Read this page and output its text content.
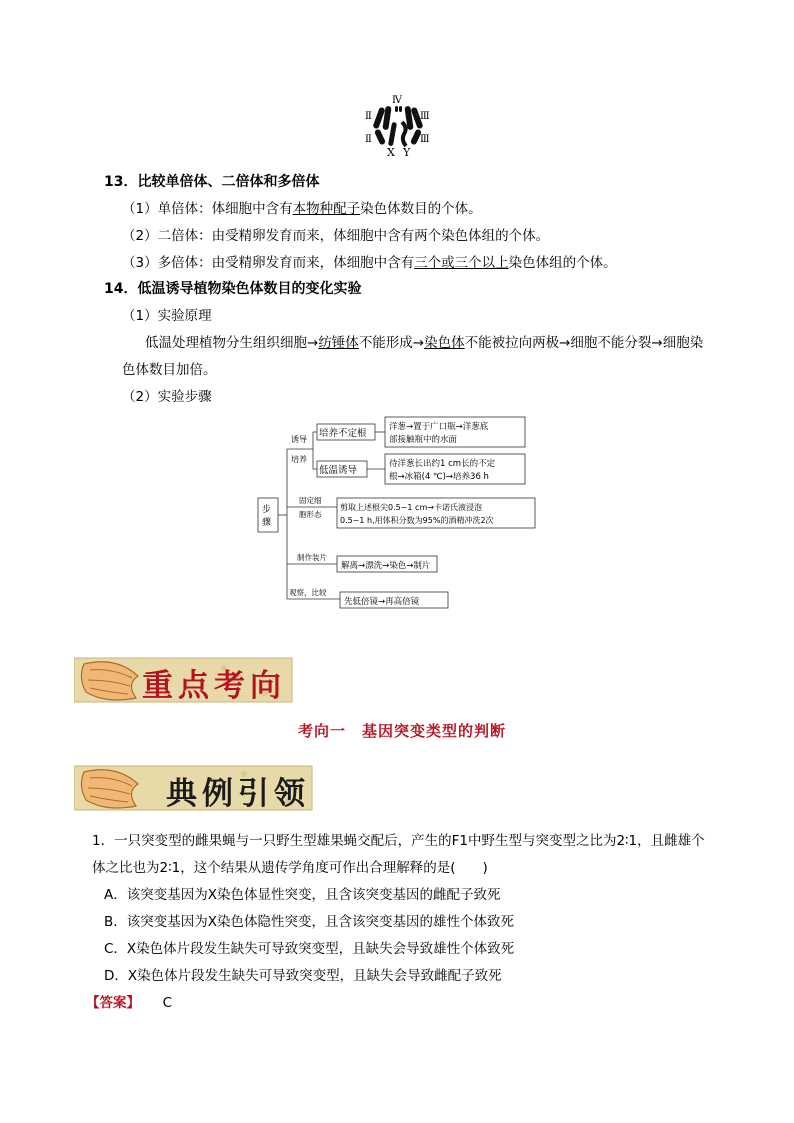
Ⅳ
Ⅱ	Ⅲ
Ⅱ	Ⅲ
X Y
13．比较单倍体、二倍体和多倍体
（1）单倍体：体细胞中含有本物种配子染色体数目的个体。
（2）二倍体：由受精卵发育而来，体细胞中含有两个染色体组的个体。
（3）多倍体：由受精卵发育而来，体细胞中含有三个或三个以上染色体组的个体。
14．低温诱导植物染色体数目的变化实验
（1）实验原理
低温处理植物分生组织细胞→纺锤体不能形成→染色体不能被拉向两极→细胞不能分裂→细胞染
色体数目加倍。
（2）实验步骤
步
骤
诱导
培养
培养不定根
低温诱导
洋葱→置于广口瓶→洋葱底
部接触瓶中的水面
待洋葱长出约1 cm长的不定
根→冰箱(4 ℃)→培养36 h
固定细
胞形态
剪取上述根尖0.5~1 cm→卡诺氏液浸泡
0.5~1 h,用体积分数为95%的酒精冲洗2次
制作装片
解离→漂洗→染色→制片
观察，比较
先低倍镜→再高倍镜
重点考向
考向一　基因突变类型的判断
典例引领
1．一只突变型的雌果蝇与一只野生型雄果蝇交配后，产生的F1中野生型与突变型之比为2∶1，且雌雄个
体之比也为2∶1，这个结果从遗传学角度可作出合理解释的是(　　)
A．该突变基因为X染色体显性突变，且含该突变基因的雌配子致死
B．该突变基因为X染色体隐性突变，且含该突变基因的雄性个体致死
C．X染色体片段发生缺失可导致突变型，且缺失会导致雄性个体致死
D．X染色体片段发生缺失可导致突变型，且缺失会导致雌配子致死
【答案】 C
